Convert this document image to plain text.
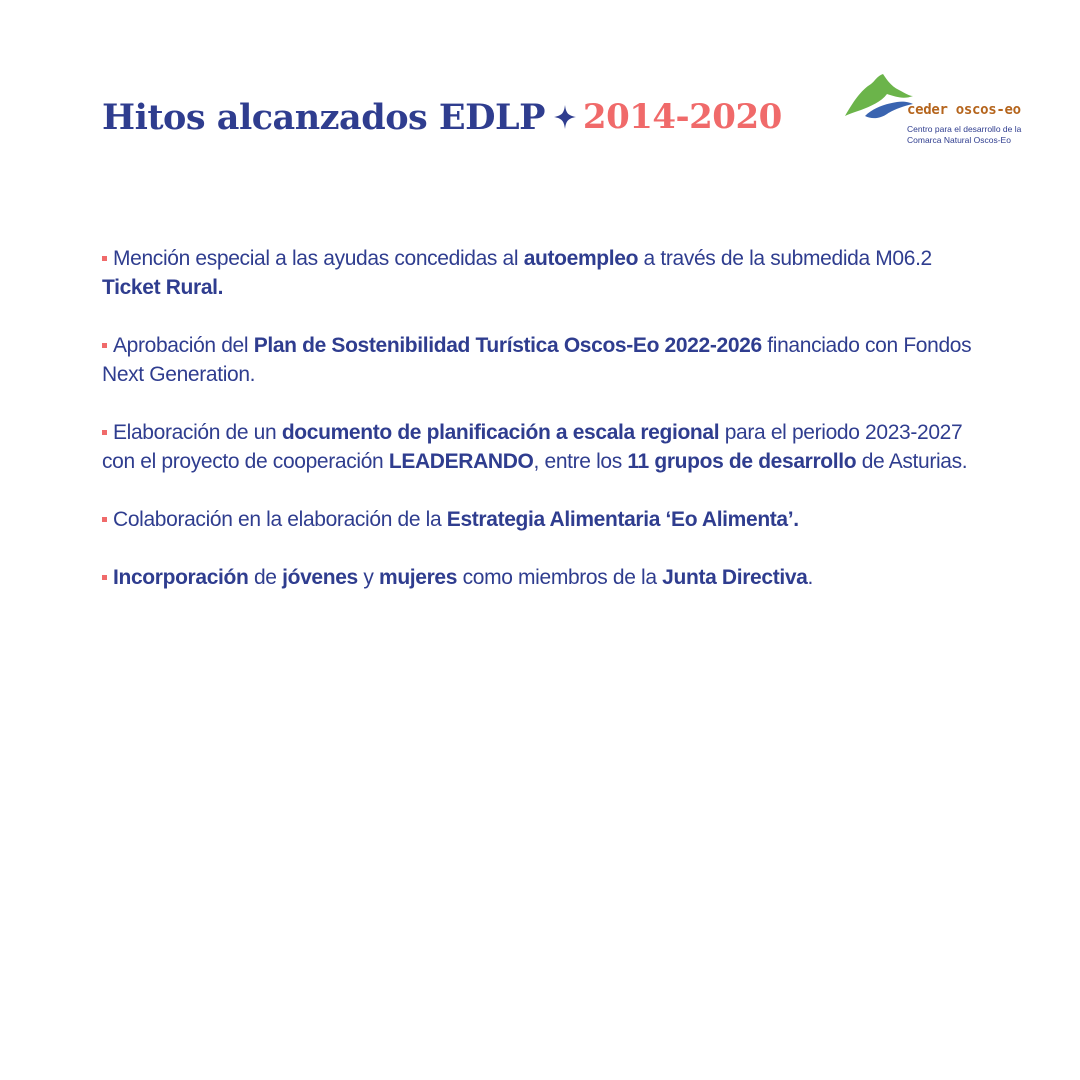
Hitos alcanzados EDLP 2014-2020	ceder oscos-eo
Centro para el desarrollo de la
Comarca Natural Oscos-Eo

Mención especial a las ayudas concedidas al autoempleo a través de la submedida M06.2 Ticket Rural.

Aprobación del Plan de Sostenibilidad Turística Oscos-Eo 2022-2026 financiado con Fondos Next Generation.

Elaboración de un documento de planificación a escala regional para el periodo 2023-2027 con el proyecto de cooperación LEADERANDO, entre los 11 grupos de desarrollo de Asturias.

Colaboración en la elaboración de la Estrategia Alimentaria ‘Eo Alimenta’.

Incorporación de jóvenes y mujeres como miembros de la Junta Directiva.
